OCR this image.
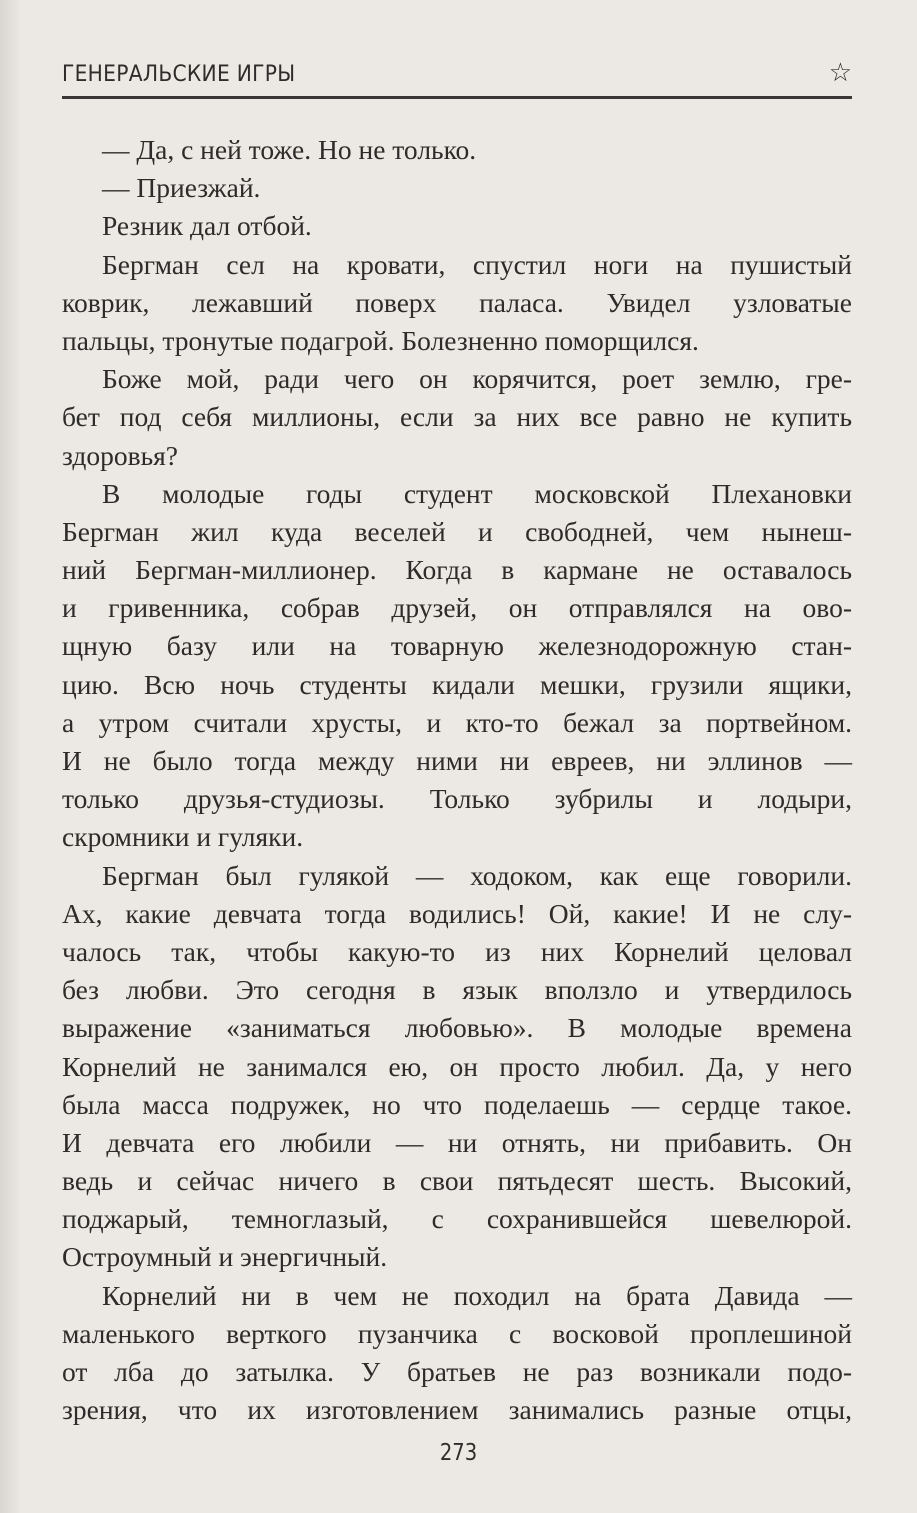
ГЕНЕРАЛЬСКИЕ ИГРЫ	☆
— Да, с ней тоже. Но не только.
— Приезжай.
Резник дал отбой.
Бергман сел на кровати, спустил ноги на пушистый
коврик, лежавший поверх паласа. Увидел узловатые
пальцы, тронутые подагрой. Болезненно поморщился.
Боже мой, ради чего он корячится, роет землю, гре-
бет под себя миллионы, если за них все равно не купить
здоровья?
В молодые годы студент московской Плехановки
Бергман жил куда веселей и свободней, чем нынеш-
ний Бергман-миллионер. Когда в кармане не оставалось
и гривенника, собрав друзей, он отправлялся на ово-
щную базу или на товарную железнодорожную стан-
цию. Всю ночь студенты кидали мешки, грузили ящики,
а утром считали хрусты, и кто-то бежал за портвейном.
И не было тогда между ними ни евреев, ни эллинов —
только друзья-студиозы. Только зубрилы и лодыри,
скромники и гуляки.
Бергман был гулякой — ходоком, как еще говорили.
Ах, какие девчата тогда водились! Ой, какие! И не слу-
чалось так, чтобы какую-то из них Корнелий целовал
без любви. Это сегодня в язык вползло и утвердилось
выражение «заниматься любовью». В молодые времена
Корнелий не занимался ею, он просто любил. Да, у него
была масса подружек, но что поделаешь — сердце такое.
И девчата его любили — ни отнять, ни прибавить. Он
ведь и сейчас ничего в свои пятьдесят шесть. Высокий,
поджарый, темноглазый, с сохранившейся шевелюрой.
Остроумный и энергичный.
Корнелий ни в чем не походил на брата Давида —
маленького верткого пузанчика с восковой проплешиной
от лба до затылка. У братьев не раз возникали подо-
зрения, что их изготовлением занимались разные отцы,
273
